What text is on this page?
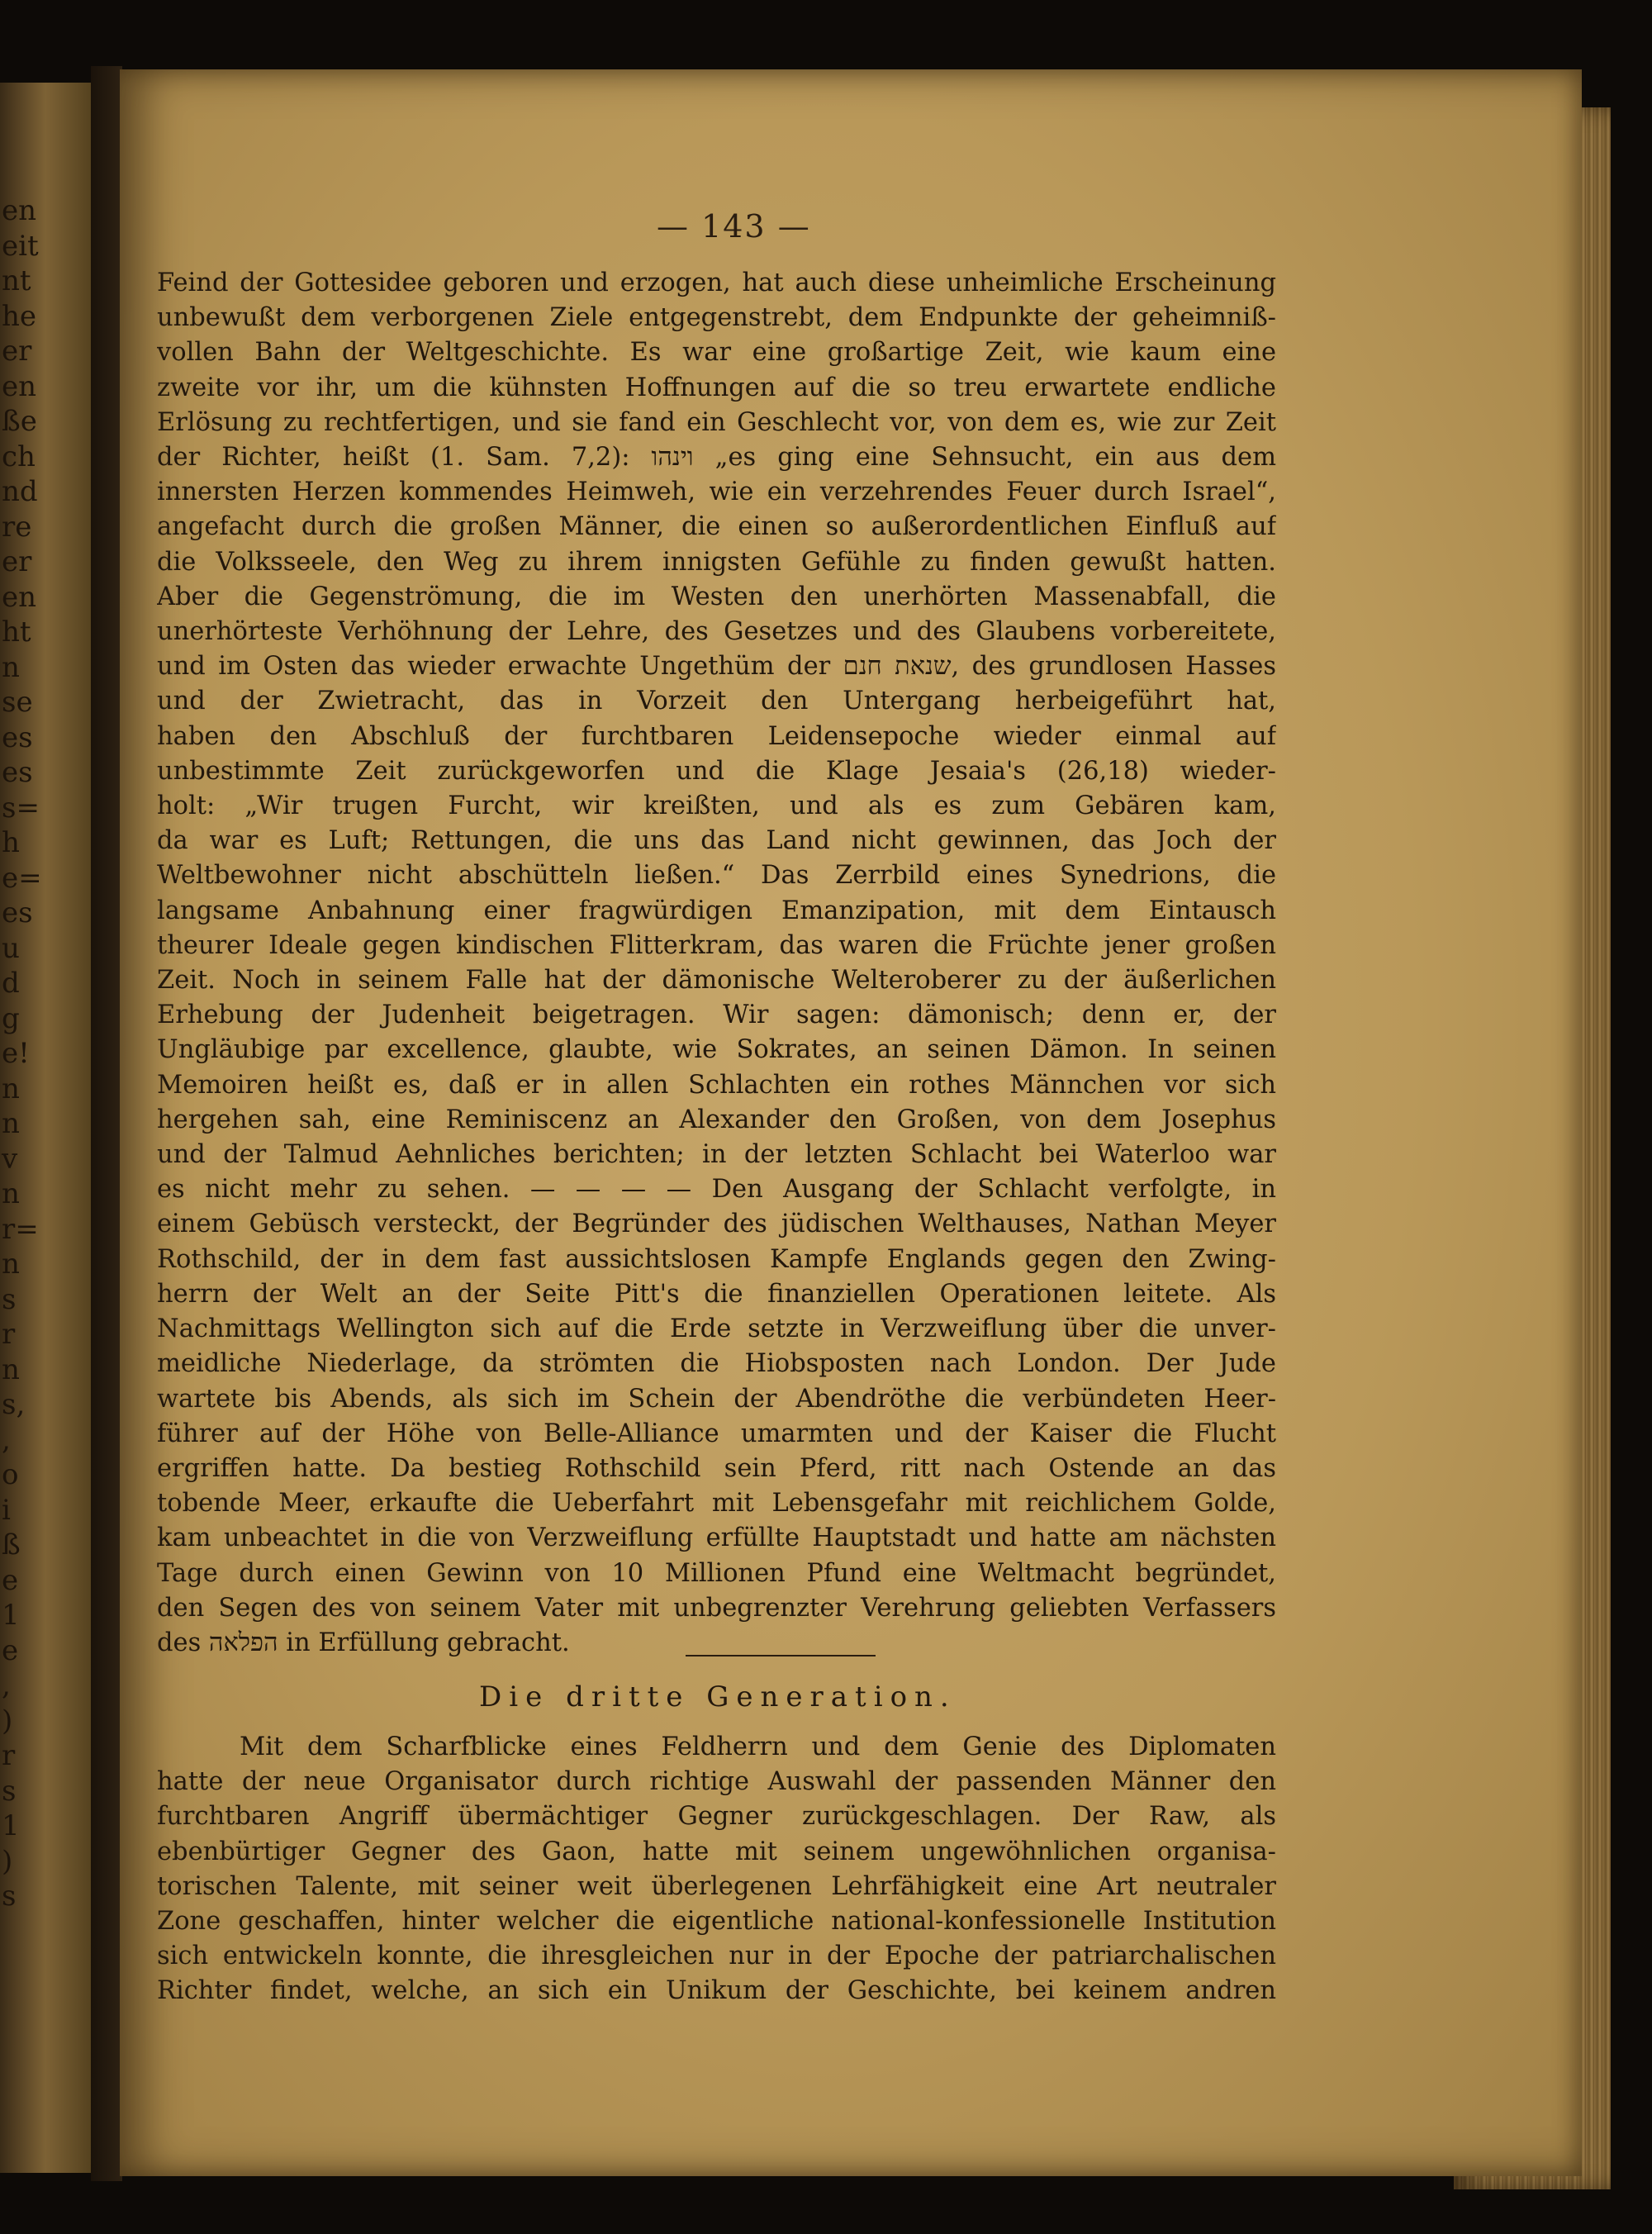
en
eit
nt
he
er
en
ße
ch
nd
re
er
en
ht
n
se
es
es
s=
h
e=
es
u
d
g
e!
n
n
v
n
r=
n
s
r
n
s,
,
o
i
ß
e
1
e
,
)
r
s
1
)
s
— 143 —
Feind der Gottesidee geboren und erzogen, hat auch diese unheimliche Erscheinung
unbewußt dem verborgenen Ziele entgegenstrebt, dem Endpunkte der geheimniß-
vollen Bahn der Weltgeschichte. Es war eine großartige Zeit, wie kaum eine
zweite vor ihr, um die kühnsten Hoffnungen auf die so treu erwartete endliche
Erlösung zu rechtfertigen, und sie fand ein Geschlecht vor, von dem es, wie zur Zeit
der Richter, heißt (1. Sam. 7,2): וינהו „es ging eine Sehnsucht, ein aus dem
innersten Herzen kommendes Heimweh, wie ein verzehrendes Feuer durch Israel“,
angefacht durch die großen Männer, die einen so außerordentlichen Einfluß auf
die Volksseele, den Weg zu ihrem innigsten Gefühle zu finden gewußt hatten.
Aber die Gegenströmung, die im Westen den unerhörten Massenabfall, die
unerhörteste Verhöhnung der Lehre, des Gesetzes und des Glaubens vorbereitete,
und im Osten das wieder erwachte Ungethüm der שנאת חנם, des grundlosen Hasses
und der Zwietracht, das in Vorzeit den Untergang herbeigeführt hat,
haben den Abschluß der furchtbaren Leidensepoche wieder einmal auf
unbestimmte Zeit zurückgeworfen und die Klage Jesaia's (26,18) wieder-
holt: „Wir trugen Furcht, wir kreißten, und als es zum Gebären kam,
da war es Luft; Rettungen, die uns das Land nicht gewinnen, das Joch der
Weltbewohner nicht abschütteln ließen.“ Das Zerrbild eines Synedrions, die
langsame Anbahnung einer fragwürdigen Emanzipation, mit dem Eintausch
theurer Ideale gegen kindischen Flitterkram, das waren die Früchte jener großen
Zeit. Noch in seinem Falle hat der dämonische Welteroberer zu der äußerlichen
Erhebung der Judenheit beigetragen. Wir sagen: dämonisch; denn er, der
Ungläubige par excellence, glaubte, wie Sokrates, an seinen Dämon. In seinen
Memoiren heißt es, daß er in allen Schlachten ein rothes Männchen vor sich
hergehen sah, eine Reminiscenz an Alexander den Großen, von dem Josephus
und der Talmud Aehnliches berichten; in der letzten Schlacht bei Waterloo war
es nicht mehr zu sehen. — — — — Den Ausgang der Schlacht verfolgte, in
einem Gebüsch versteckt, der Begründer des jüdischen Welthauses, Nathan Meyer
Rothschild, der in dem fast aussichtslosen Kampfe Englands gegen den Zwing-
herrn der Welt an der Seite Pitt's die finanziellen Operationen leitete. Als
Nachmittags Wellington sich auf die Erde setzte in Verzweiflung über die unver-
meidliche Niederlage, da strömten die Hiobsposten nach London. Der Jude
wartete bis Abends, als sich im Schein der Abendröthe die verbündeten Heer-
führer auf der Höhe von Belle-Alliance umarmten und der Kaiser die Flucht
ergriffen hatte. Da bestieg Rothschild sein Pferd, ritt nach Ostende an das
tobende Meer, erkaufte die Ueberfahrt mit Lebensgefahr mit reichlichem Golde,
kam unbeachtet in die von Verzweiflung erfüllte Hauptstadt und hatte am nächsten
Tage durch einen Gewinn von 10 Millionen Pfund eine Weltmacht begründet,
den Segen des von seinem Vater mit unbegrenzter Verehrung geliebten Verfassers
des הפלאה in Erfüllung gebracht.
Die dritte Generation.
Mit dem Scharfblicke eines Feldherrn und dem Genie des Diplomaten
hatte der neue Organisator durch richtige Auswahl der passenden Männer den
furchtbaren Angriff übermächtiger Gegner zurückgeschlagen. Der Raw, als
ebenbürtiger Gegner des Gaon, hatte mit seinem ungewöhnlichen organisa-
torischen Talente, mit seiner weit überlegenen Lehrfähigkeit eine Art neutraler
Zone geschaffen, hinter welcher die eigentliche national-konfessionelle Institution
sich entwickeln konnte, die ihresgleichen nur in der Epoche der patriarchalischen
Richter findet, welche, an sich ein Unikum der Geschichte, bei keinem andren
